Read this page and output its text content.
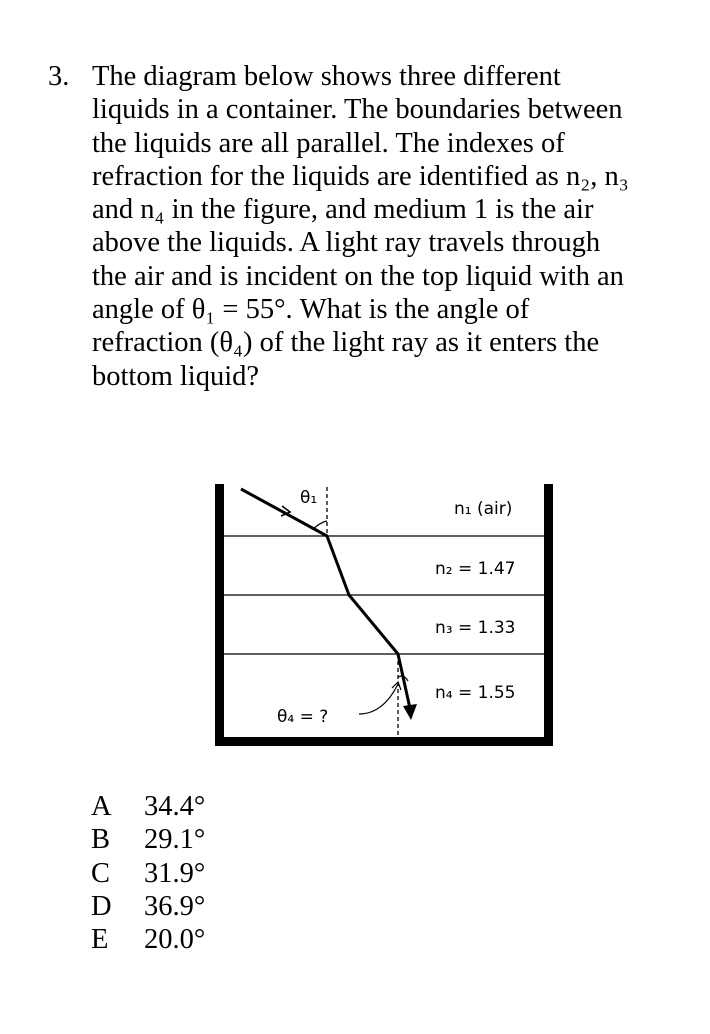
3. The diagram below shows three different
liquids in a container. The boundaries between
the liquids are all parallel. The indexes of
refraction for the liquids are identified as n₂, n₃
and n₄ in the figure, and medium 1 is the air
above the liquids. A light ray travels through
the air and is incident on the top liquid with an
angle of θ₁ = 55°. What is the angle of
refraction (θ₄) of the light ray as it enters the
bottom liquid?
θ₁
θ₄ = ?
n₁ (air)
n₂ = 1.47
n₃ = 1.33
n₄ = 1.55
A	34.4°
B	29.1°
C	31.9°
D	36.9°
E	20.0°
